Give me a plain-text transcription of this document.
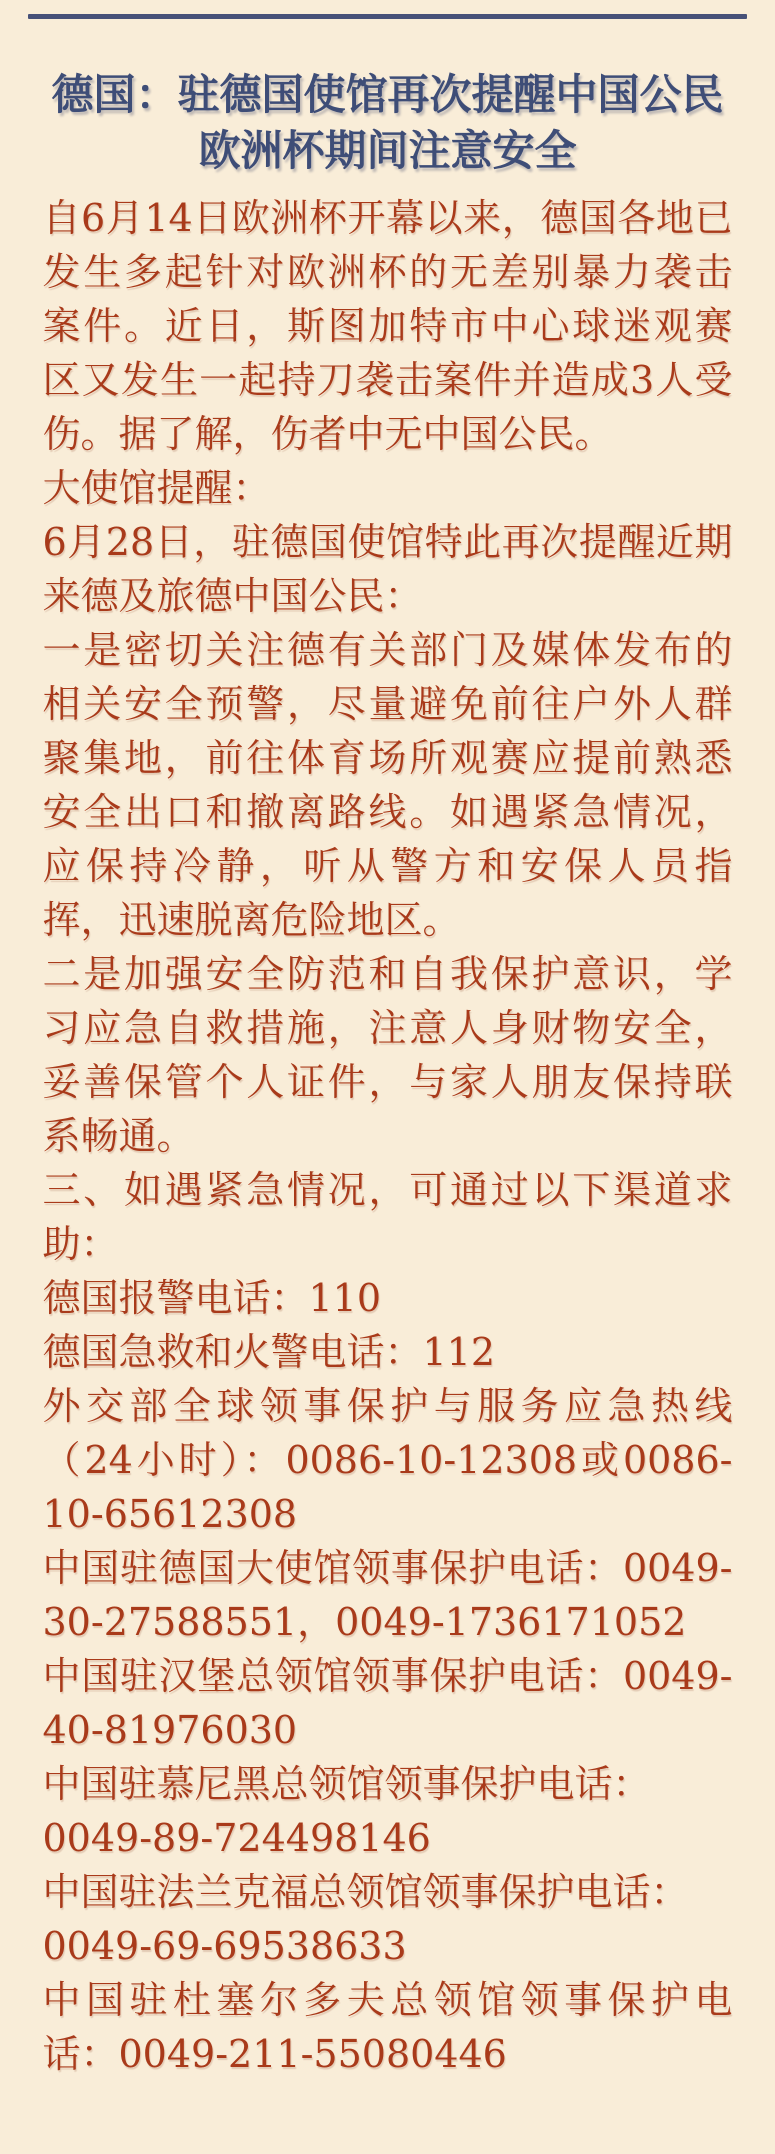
德国：驻德国使馆再次提醒中国公民
欧洲杯期间注意安全
自6月14日欧洲杯开幕以来，德国各地已
发生多起针对欧洲杯的无差别暴力袭击
案件。近日，斯图加特市中心球迷观赛
区又发生一起持刀袭击案件并造成3人受
伤。据了解，伤者中无中国公民。
大使馆提醒：
6月28日，驻德国使馆特此再次提醒近期
来德及旅德中国公民：
一是密切关注德有关部门及媒体发布的
相关安全预警，尽量避免前往户外人群
聚集地，前往体育场所观赛应提前熟悉
安全出口和撤离路线。如遇紧急情况，
应保持冷静，听从警方和安保人员指
挥，迅速脱离危险地区。
二是加强安全防范和自我保护意识，学
习应急自救措施，注意人身财物安全，
妥善保管个人证件，与家人朋友保持联
系畅通。
三、如遇紧急情况，可通过以下渠道求
助：
德国报警电话：110
德国急救和火警电话：112
外交部全球领事保护与服务应急热线
（24小时）：0086-10-12308或0086-
10-65612308
中国驻德国大使馆领事保护电话：0049-
30-27588551，0049-1736171052
中国驻汉堡总领馆领事保护电话：0049-
40-81976030
中国驻慕尼黑总领馆领事保护电话：
0049-89-724498146
中国驻法兰克福总领馆领事保护电话：
0049-69-69538633
中国驻杜塞尔多夫总领馆领事保护电
话：0049-211-55080446
